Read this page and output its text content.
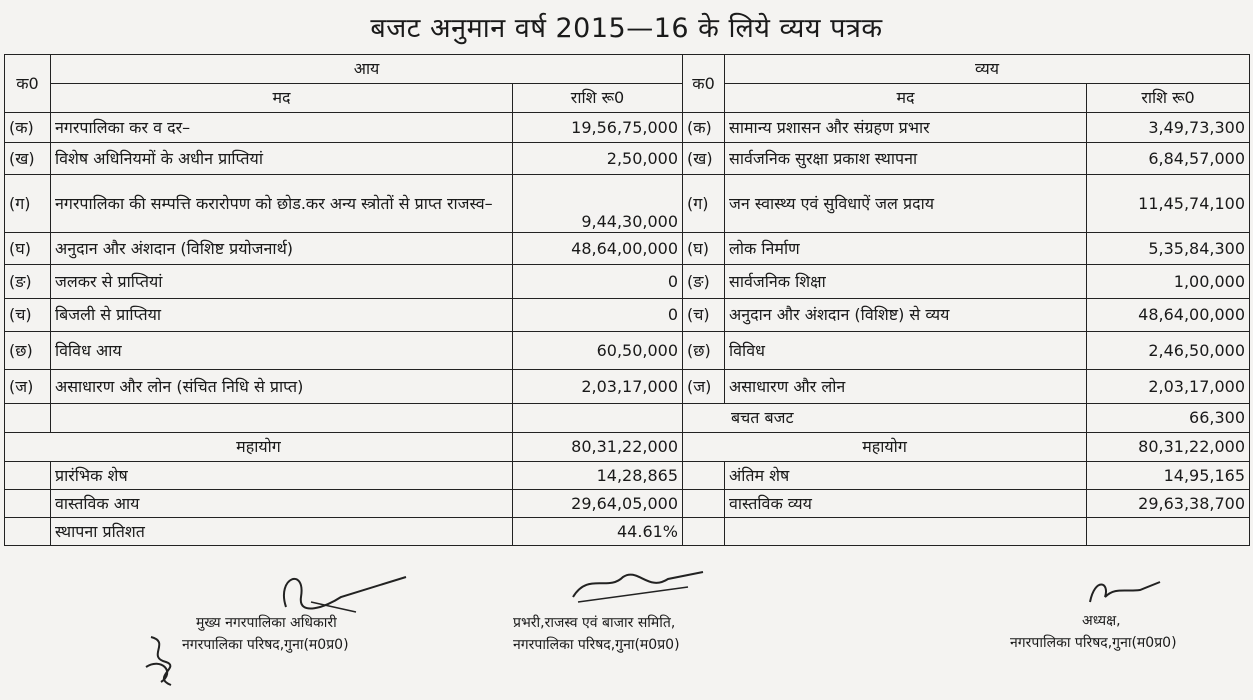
बजट अनुमान वर्ष 2015—16 के लिये व्यय पत्रक
क0	आय		क0	व्यय	
	मद	राशि रू0		मद	राशि रू0
(क)	नगरपालिका कर व दर–	19,56,75,000	(क)	सामान्य प्रशासन और संग्रहण प्रभार	3,49,73,300
(ख)	विशेष अधिनियमों के अधीन प्राप्तियां	2,50,000	(ख)	सार्वजनिक सुरक्षा प्रकाश स्थापना	6,84,57,000
(ग)	नगरपालिका की सम्पत्ति करारोपण को छोड.कर अन्य स्त्रोतों से प्राप्त राजस्व–	9,44,30,000	(ग)	जन स्वास्थ्य एवं सुविधाऐं जल प्रदाय	11,45,74,100
(घ)	अनुदान और अंशदान (विशिष्ट प्रयोजनार्थ)	48,64,00,000	(घ)	लोक निर्माण	5,35,84,300
(ङ)	जलकर से प्राप्तियां	0	(ङ)	सार्वजनिक शिक्षा	1,00,000
(च)	बिजली से प्राप्तिया	0	(च)	अनुदान और अंशदान (विशिष्ट) से व्यय	48,64,00,000
(छ)	विविध आय	60,50,000	(छ)	विविध	2,46,50,000
(ज)	असाधारण और लोन (संचित निधि से प्राप्त)	2,03,17,000	(ज)	असाधारण और लोन	2,03,17,000
			बचत बजट		66,300
महायोग		80,31,22,000	महायोग		80,31,22,000
	प्रारंभिक शेष	14,28,865		अंतिम शेष	14,95,165
	वास्तविक आय	29,64,05,000		वास्तविक व्यय	29,63,38,700
	स्थापना प्रतिशत	44.61%			
मुख्य नगरपालिका अधिकारी
नगरपालिका परिषद,गुना(म0प्र0)
प्रभरी,राजस्व एवं बाजार समिति,
नगरपालिका परिषद,गुना(म0प्र0)
अध्यक्ष,
नगरपालिका परिषद,गुना(म0प्र0)
